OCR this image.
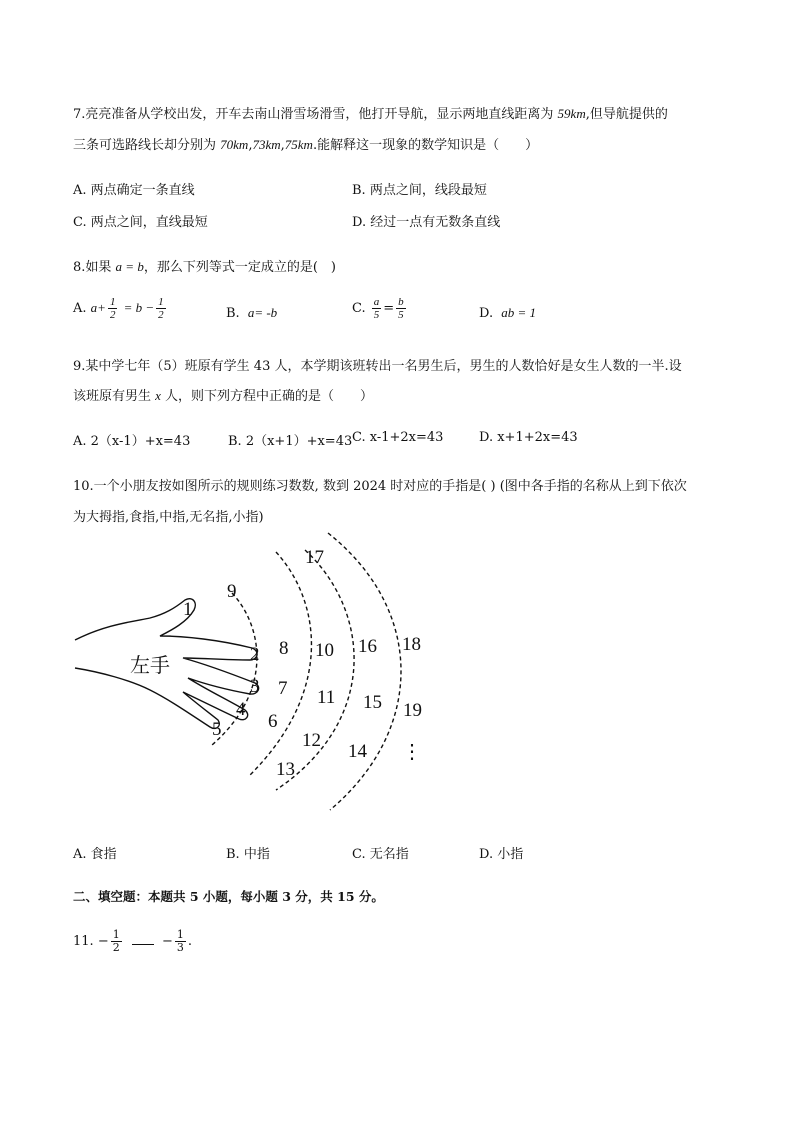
7.亮亮准备从学校出发，开车去南山滑雪场滑雪，他打开导航，显示两地直线距离为 59km,但导航提供的
三条可选路线长却分别为 70km,73km,75km.能解释这一现象的数学知识是（　　）
A. 两点确定一条直线	B. 两点之间，线段最短
C. 两点之间，直线最短	D. 经过一点有无数条直线
8.如果 a = b，那么下列等式一定成立的是(　)
A. $a+ \frac{1}{2} = b - \frac{1}{2}$	B. a= -b	C. $\frac{a}{5} = \frac{b}{5}$	D. ab = 1
9.某中学七年（5）班原有学生 43 人，本学期该班转出一名男生后，男生的人数恰好是女生人数的一半.设
该班原有男生 x 人，则下列方程中正确的是（　　）
A. 2（x-1）+x=43	B. 2（x+1）+x=43 C. x-1+2x=43	D. x+1+2x=43
10.一个小朋友按如图所示的规则练习数数, 数到 2024 时对应的手指是( ) (图中各手指的名称从上到下依次
为大拇指,食指,中指,无名指,小指)
左手
1
2
3
4
5 6
7
8
9
10
11
12
13
14
15
16
17
18
19
⋮
A. 食指	B. 中指	C. 无名指	D. 小指
二、填空题：本题共 5 小题，每小题 3 分，共 15 分。
11. − $\frac{1}{2}$	− $\frac{1}{3}$ .
